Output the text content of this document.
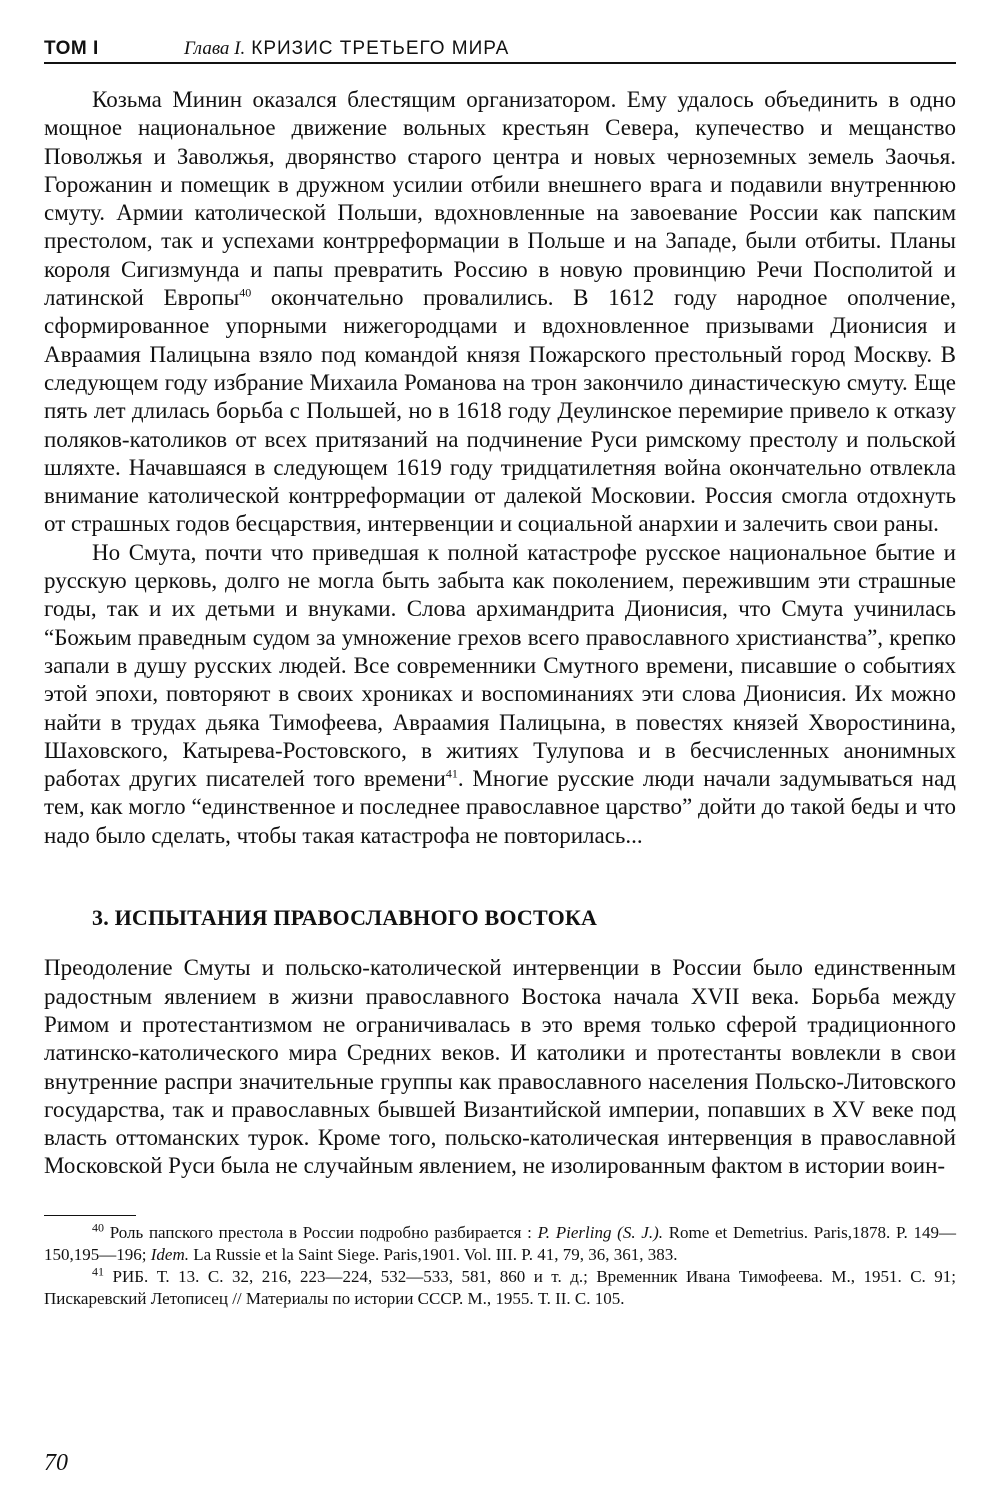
ТОМ I	Глава I. КРИЗИС ТРЕТЬЕГО МИРА

Козьма Минин оказался блестящим организатором. Ему удалось объединить в одно мощное национальное движение вольных крестьян Севера, купечество и мещанство Поволжья и Заволжья, дворянство старого центра и новых черноземных земель Заочья. Горожанин и помещик в дружном усилии отбили внешнего врага и подавили внутреннюю смуту. Армии католической Польши, вдохновленные на завоевание России как папским престолом, так и успехами контрреформации в Польше и на Западе, были отбиты. Планы короля Сигизмунда и папы превратить Россию в новую провинцию Речи Посполитой и латинской Европы$^{40}$ окончательно провалились. В 1612 году народное ополчение, сформированное упорными нижегородцами и вдохновленное призывами Дионисия и Авраамия Палицына взяло под командой князя Пожарского престольный город Москву. В следующем году избрание Михаила Романова на трон закончило династическую смуту. Еще пять лет длилась борьба с Польшей, но в 1618 году Деулинское перемирие привело к отказу поляков-католиков от всех притязаний на подчинение Руси римскому престолу и польской шляхте. Начавшаяся в следующем 1619 году тридцатилетняя война окончательно отвлекла внимание католической контрреформации от далекой Московии. Россия смогла отдохнуть от страшных годов бесцарствия, интервенции и социальной анархии и залечить свои раны.

Но Смута, почти что приведшая к полной катастрофе русское национальное бытие и русскую церковь, долго не могла быть забыта как поколением, пережившим эти страшные годы, так и их детьми и внуками. Слова архимандрита Дионисия, что Смута учинилась “Божьим праведным судом за умножение грехов всего православного христианства”, крепко запали в душу русских людей. Все современники Смутного времени, писавшие о событиях этой эпохи, повторяют в своих хрониках и воспоминаниях эти слова Дионисия. Их можно найти в трудах дьяка Тимофеева, Авраамия Палицына, в повестях князей Хворостинина, Шаховского, Катырева-Ростовского, в житиях Тулупова и в бесчисленных анонимных работах других писателей того времени$^{41}$. Многие русские люди начали задумываться над тем, как могло “единственное и последнее православное царство” дойти до такой беды и что надо было сделать, чтобы такая катастрофа не повторилась...

3. ИСПЫТАНИЯ ПРАВОСЛАВНОГО ВОСТОКА

Преодоление Смуты и польско-католической интервенции в России было единственным радостным явлением в жизни православного Востока начала XVII века. Борьба между Римом и протестантизмом не ограничивалась в это время только сферой традиционного латинско-католического мира Средних веков. И католики и протестанты вовлекли в свои внутренние распри значительные группы как православного населения Польско-Литовского государства, так и православных бывшей Византийской империи, попавших в XV веке под власть оттоманских турок. Кроме того, польско-католическая интервенция в православной Московской Руси была не случайным явлением, не изолированным фактом в истории воин-

$^{40}$ Роль папского престола в России подробно разбирается : P. Pierling (S. J.). Rome et Demetrius. Paris,1878. P. 149—150,195—196; Idem. La Russie et la Saint Siege. Paris,1901. Vol. III. P. 41, 79, 36, 361, 383.

$^{41}$ РИБ. Т. 13. С. 32, 216, 223—224, 532—533, 581, 860 и т. д.; Временник Ивана Тимофеева. М., 1951. С. 91; Пискаревский Летописец // Материалы по истории СССР. М., 1955. Т. II. С. 105.

70
